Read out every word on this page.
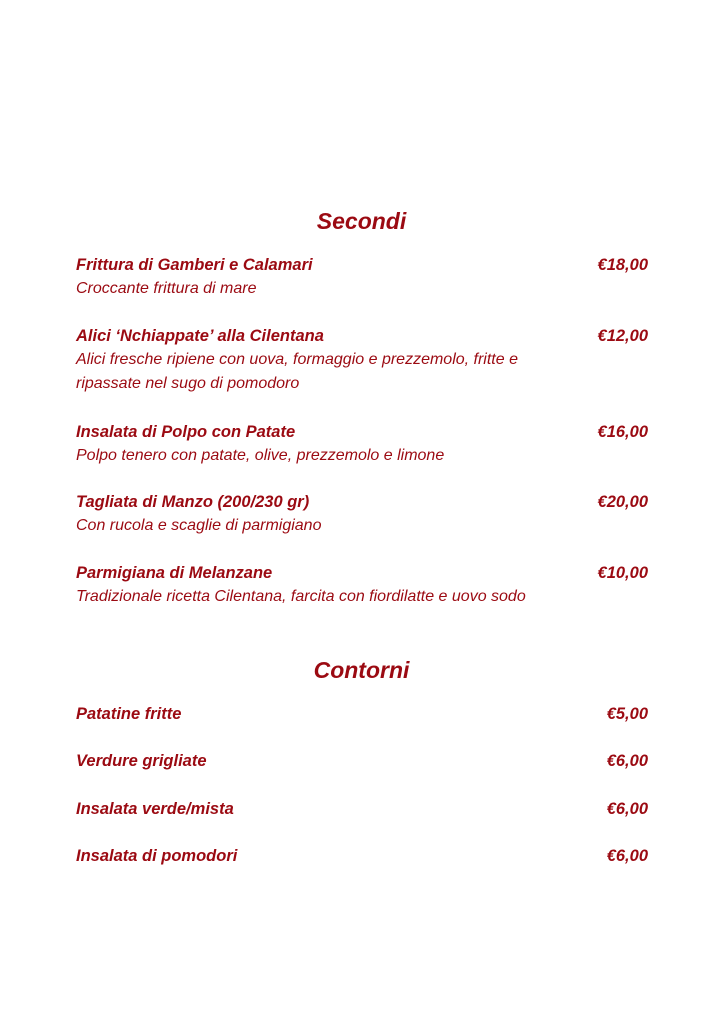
Secondi
Frittura di Gamberi e Calamari	€18,00
Croccante frittura di mare
Alici ‘Nchiappate’ alla Cilentana	€12,00
Alici fresche ripiene con uova, formaggio e prezzemolo, fritte e ripassate nel sugo di pomodoro
Insalata di Polpo con Patate	€16,00
Polpo tenero con patate, olive, prezzemolo e limone
Tagliata di Manzo (200/230 gr)	€20,00
Con rucola e scaglie di parmigiano
Parmigiana di Melanzane	€10,00
Tradizionale ricetta Cilentana, farcita con fiordilatte e uovo sodo
Contorni
Patatine fritte	€5,00
Verdure grigliate	€6,00
Insalata verde/mista	€6,00
Insalata di pomodori	€6,00
